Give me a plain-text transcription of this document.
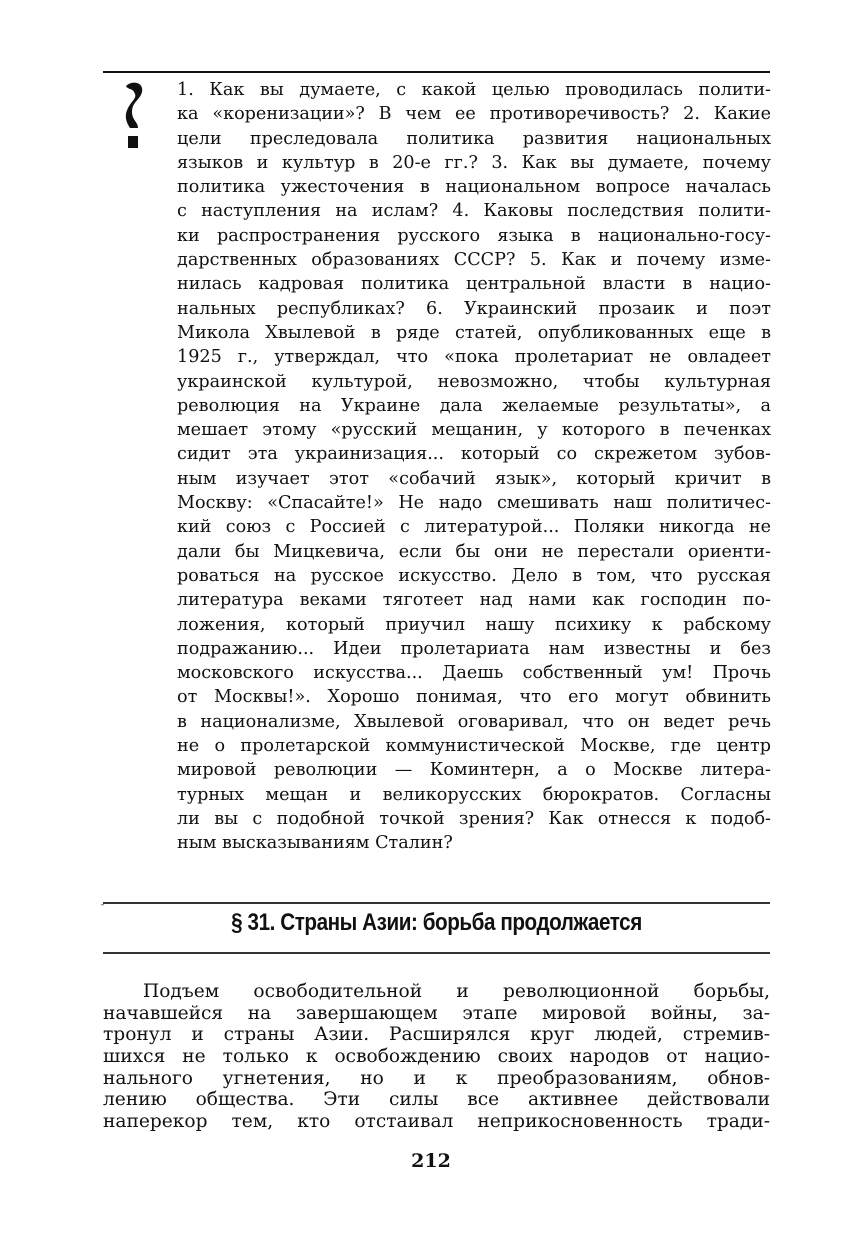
1. Как вы думаете, с какой целью проводилась полити-
ка «коренизации»? В чем ее противоречивость? 2. Какие
цели преследовала политика развития национальных
языков и культур в 20-е гг.? 3. Как вы думаете, почему
политика ужесточения в национальном вопросе началась
с наступления на ислам? 4. Каковы последствия полити-
ки распространения русского языка в национально-госу-
дарственных образованиях СССР? 5. Как и почему изме-
нилась кадровая политика центральной власти в нацио-
нальных республиках? 6. Украинский прозаик и поэт
Микола Хвылевой в ряде статей, опубликованных еще в
1925 г., утверждал, что «пока пролетариат не овладеет
украинской культурой, невозможно, чтобы культурная
революция на Украине дала желаемые результаты», а
мешает этому «русский мещанин, у которого в печенках
сидит эта украинизация... который со скрежетом зубов-
ным изучает этот «собачий язык», который кричит в
Москву: «Спасайте!» Не надо смешивать наш политичес-
кий союз с Россией с литературой... Поляки никогда не
дали бы Мицкевича, если бы они не перестали ориенти-
роваться на русское искусство. Дело в том, что русская
литература веками тяготеет над нами как господин по-
ложения, который приучил нашу психику к рабскому
подражанию... Идеи пролетариата нам известны и без
московского искусства... Даешь собственный ум! Прочь
от Москвы!». Хорошо понимая, что его могут обвинить
в национализме, Хвылевой оговаривал, что он ведет речь
не о пролетарской коммунистической Москве, где центр
мировой революции — Коминтерн, а о Москве литера-
турных мещан и великорусских бюрократов. Согласны
ли вы с подобной точкой зрения? Как отнесся к подоб-
ным высказываниям Сталин?
¯	§ 31. Страны Азии: борьба продолжается
Подъем освободительной и революционной борьбы,
начавшейся на завершающем этапе мировой войны, за-
тронул и страны Азии. Расширялся круг людей, стремив-
шихся не только к освобождению своих народов от нацио-
нального угнетения, но и к преобразованиям, обнов-
лению общества. Эти силы все активнее действовали
наперекор тем, кто отстаивал неприкосновенность тради-
212
